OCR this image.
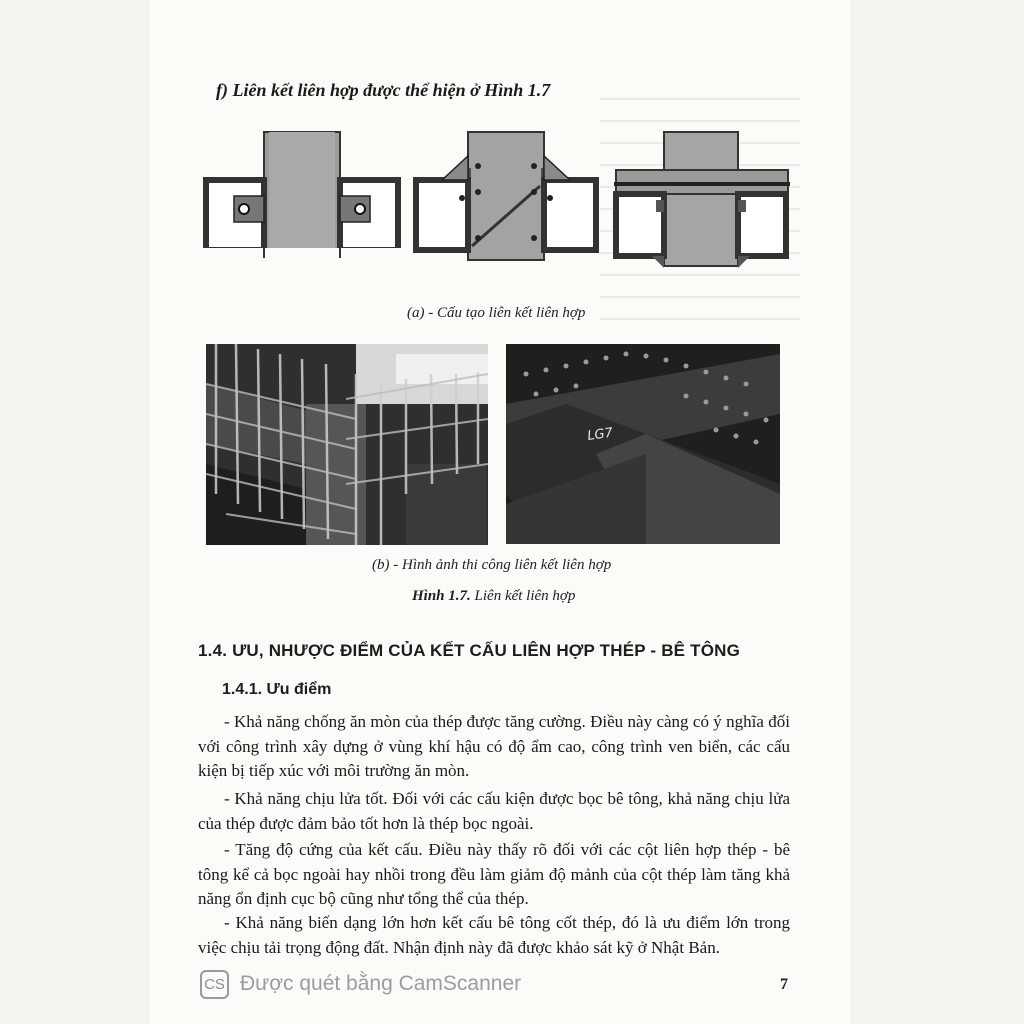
f) Liên kết liên hợp được thể hiện ở Hình 1.7
(a) - Cấu tạo liên kết liên hợp
LG7
(b) - Hình ảnh thi công liên kết liên hợp
Hình 1.7. Liên kết liên hợp
1.4. ƯU, NHƯỢC ĐIỂM CỦA KẾT CẤU LIÊN HỢP THÉP - BÊ TÔNG
1.4.1. Ưu điểm

- Khả năng chống ăn mòn của thép được tăng cường. Điều này càng có ý nghĩa đối với công trình xây dựng ở vùng khí hậu có độ ẩm cao, công trình ven biển, các cấu kiện bị tiếp xúc với môi trường ăn mòn.

- Khả năng chịu lửa tốt. Đối với các cấu kiện được bọc bê tông, khả năng chịu lửa của thép được đảm bảo tốt hơn là thép bọc ngoài.

- Tăng độ cứng của kết cấu. Điều này thấy rõ đối với các cột liên hợp thép - bê tông kể cả bọc ngoài hay nhồi trong đều làm giảm độ mảnh của cột thép làm tăng khả năng ổn định cục bộ cũng như tổng thể của thép.

- Khả năng biến dạng lớn hơn kết cấu bê tông cốt thép, đó là ưu điểm lớn trong việc chịu tải trọng động đất. Nhận định này đã được khảo sát kỹ ở Nhật Bản.

CS Được quét bằng CamScanner	7
